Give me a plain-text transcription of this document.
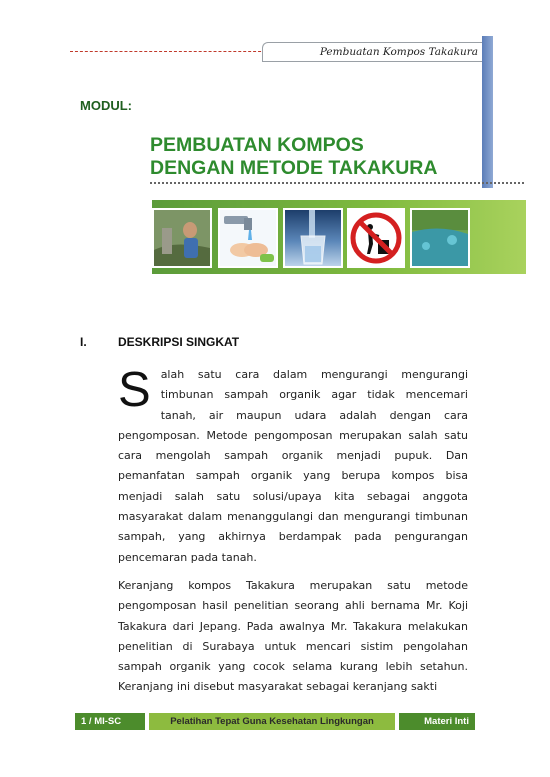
Pembuatan Kompos Takakura
MODUL:
PEMBUATAN KOMPOS
DENGAN METODE TAKAKURA
I.	DESKRIPSI SINGKAT
Salah satu cara dalam mengurangi mengurangi timbunan sampah organik agar tidak mencemari tanah, air maupun udara adalah dengan cara pengomposan. Metode pengomposan merupakan salah satu cara mengolah sampah organik menjadi pupuk. Dan pemanfatan sampah organik yang berupa kompos bisa menjadi salah satu solusi/upaya kita sebagai anggota masyarakat dalam menanggulangi dan mengurangi timbunan sampah, yang akhirnya berdampak pada pengurangan pencemaran pada tanah.
Keranjang kompos Takakura merupakan satu metode pengomposan hasil penelitian seorang ahli bernama Mr. Koji Takakura dari Jepang. Pada awalnya Mr. Takakura melakukan penelitian di Surabaya untuk mencari sistim pengolahan sampah organik yang cocok selama kurang lebih setahun. Keranjang ini disebut masyarakat sebagai keranjang sakti
1 / MI-SC	Pelatihan Tepat Guna Kesehatan Lingkungan	Materi Inti
